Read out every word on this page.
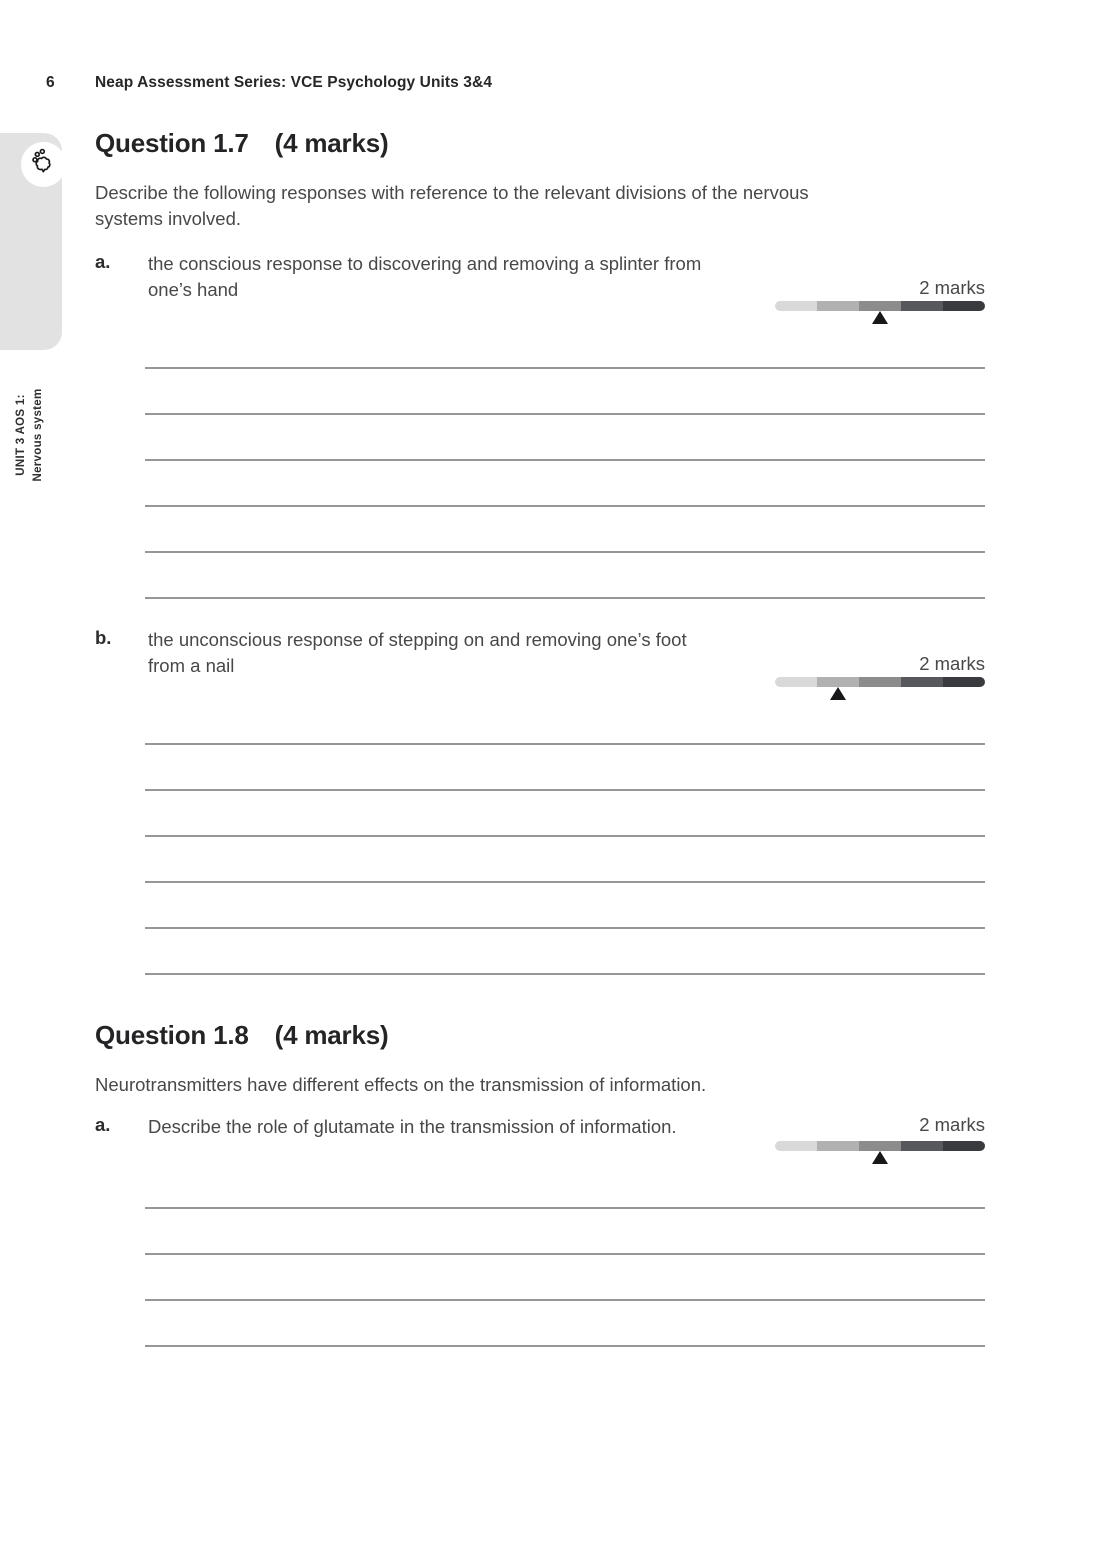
6	Neap Assessment Series: VCE Psychology Units 3&4
UNIT 3 AOS 1: Nervous system
Question 1.7 (4 marks)
Describe the following responses with reference to the relevant divisions of the nervous
systems involved.
a. the conscious response to discovering and removing a splinter from
one’s hand	2 marks
b. the unconscious response of stepping on and removing one’s foot
from a nail	2 marks
Question 1.8 (4 marks)
Neurotransmitters have different effects on the transmission of information.
a. Describe the role of glutamate in the transmission of information.	2 marks
